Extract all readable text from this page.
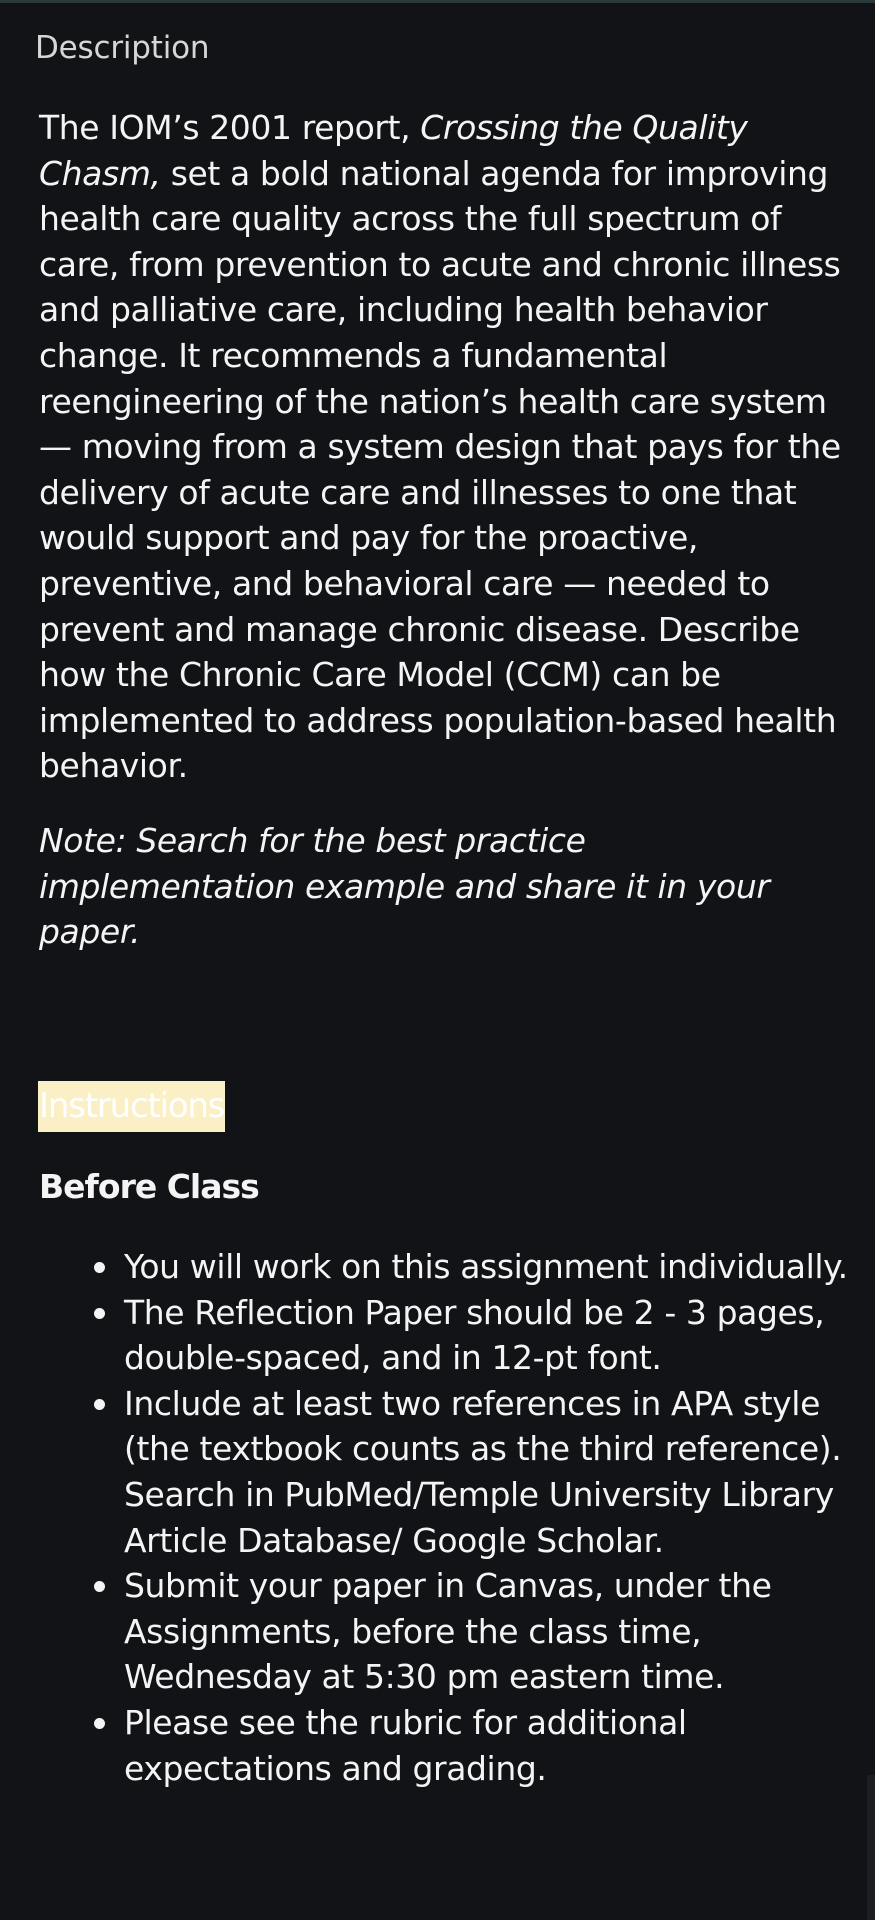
Description

The IOM’s 2001 report, Crossing the Quality Chasm, set a bold national agenda for improving health care quality across the full spectrum of care, from prevention to acute and chronic illness and palliative care, including health behavior change. It recommends a fundamental reengineering of the nation’s health care system — moving from a system design that pays for the delivery of acute care and illnesses to one that would support and pay for the proactive, preventive, and behavioral care — needed to prevent and manage chronic disease. Describe how the Chronic Care Model (CCM) can be implemented to address population-based health behavior.

Note: Search for the best practice implementation example and share it in your paper.

Instructions
Before Class
You will work on this assignment individually.
The Reflection Paper should be 2 - 3 pages, double-spaced, and in 12-pt font.
Include at least two references in APA style (the textbook counts as the third reference). Search in PubMed/Temple University Library Article Database/ Google Scholar.
Submit your paper in Canvas, under the Assignments, before the class time, Wednesday at 5:30 pm eastern time.
Please see the rubric for additional expectations and grading.
